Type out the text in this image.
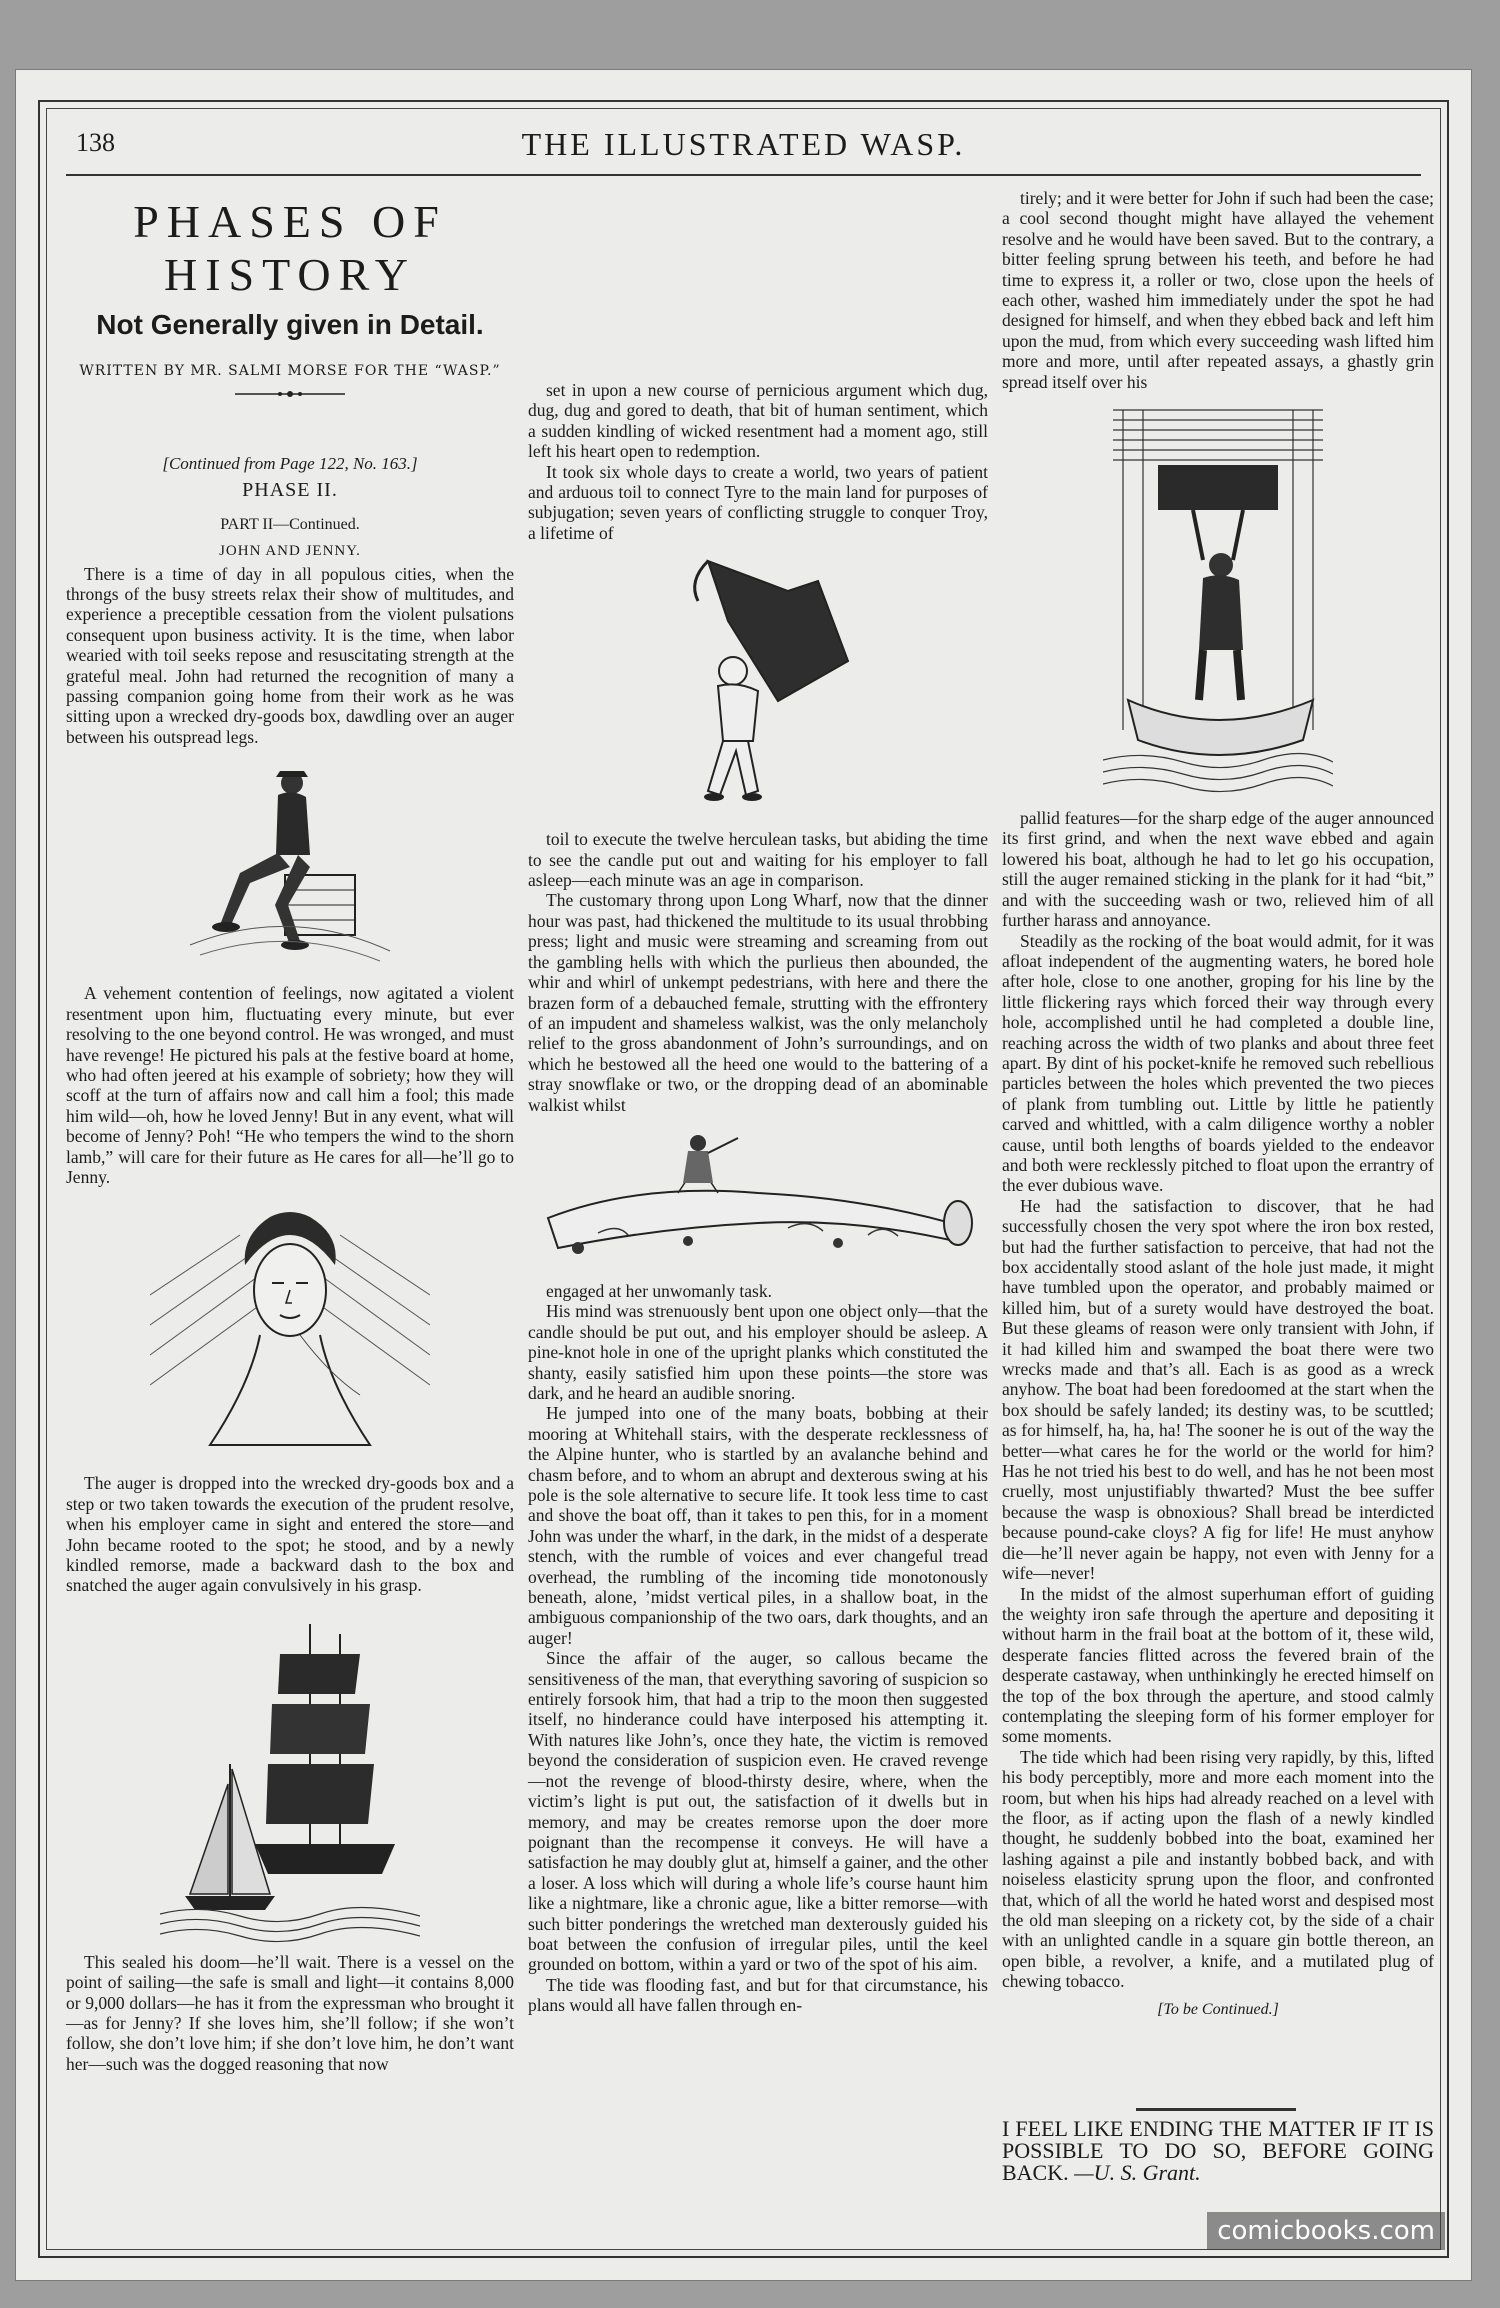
138	THE ILLUSTRATED WASP.
PHASES OF HISTORY
Not Generally given in Detail.
WRITTEN BY MR. SALMI MORSE FOR THE “WASP.”
[Continued from Page 122, No. 163.]
PHASE II.
PART II—Continued.
JOHN AND JENNY.

There is a time of day in all populous cities, when the throngs of the busy streets relax their show of multitudes, and experience a preceptible cessation from the violent pulsations consequent upon business activity. It is the time, when labor wearied with toil seeks repose and resuscitating strength at the grateful meal. John had returned the recognition of many a passing companion going home from their work as he was sitting upon a wrecked dry-goods box, dawdling over an auger between his outspread legs.

A vehement contention of feelings, now agitated a violent resentment upon him, fluctuating every minute, but ever resolving to the one beyond control. He was wronged, and must have revenge! He pictured his pals at the festive board at home, who had often jeered at his example of sobriety; how they will scoff at the turn of affairs now and call him a fool; this made him wild—oh, how he loved Jenny! But in any event, what will become of Jenny? Poh! “He who tempers the wind to the shorn lamb,” will care for their future as He cares for all—he’ll go to Jenny.

The auger is dropped into the wrecked dry-goods box and a step or two taken towards the execution of the prudent resolve, when his employer came in sight and entered the store—and John became rooted to the spot; he stood, and by a newly kindled remorse, made a backward dash to the box and snatched the auger again convulsively in his grasp.

This sealed his doom—he’ll wait. There is a vessel on the point of sailing—the safe is small and light—it contains 8,000 or 9,000 dollars—he has it from the expressman who brought it—as for Jenny? If she loves him, she’ll follow; if she won’t follow, she don’t love him; if she don’t love him, he don’t want her—such was the dogged reasoning that now

set in upon a new course of pernicious argument which dug, dug, dug and gored to death, that bit of human sentiment, which a sudden kindling of wicked resentment had a moment ago, still left his heart open to redemption.

It took six whole days to create a world, two years of patient and arduous toil to connect Tyre to the main land for purposes of subjugation; seven years of conflicting struggle to conquer Troy, a lifetime of

toil to execute the twelve herculean tasks, but abiding the time to see the candle put out and waiting for his employer to fall asleep—each minute was an age in comparison.

The customary throng upon Long Wharf, now that the dinner hour was past, had thickened the multitude to its usual throbbing press; light and music were streaming and screaming from out the gambling hells with which the purlieus then abounded, the whir and whirl of unkempt pedestrians, with here and there the brazen form of a debauched female, strutting with the effrontery of an impudent and shameless walkist, was the only melancholy relief to the gross abandonment of John’s surroundings, and on which he bestowed all the heed one would to the battering of a stray snowflake or two, or the dropping dead of an abominable walkist whilst

engaged at her unwomanly task.

His mind was strenuously bent upon one object only—that the candle should be put out, and his employer should be asleep. A pine-knot hole in one of the upright planks which constituted the shanty, easily satisfied him upon these points—the store was dark, and he heard an audible snoring.

He jumped into one of the many boats, bobbing at their mooring at Whitehall stairs, with the desperate recklessness of the Alpine hunter, who is startled by an avalanche behind and chasm before, and to whom an abrupt and dexterous swing at his pole is the sole alternative to secure life. It took less time to cast and shove the boat off, than it takes to pen this, for in a moment John was under the wharf, in the dark, in the midst of a desperate stench, with the rumble of voices and ever changeful tread overhead, the rumbling of the incoming tide monotonously beneath, alone, ’midst vertical piles, in a shallow boat, in the ambiguous companionship of the two oars, dark thoughts, and an auger!

Since the affair of the auger, so callous became the sensitiveness of the man, that everything savoring of suspicion so entirely forsook him, that had a trip to the moon then suggested itself, no hinderance could have interposed his attempting it. With natures like John’s, once they hate, the victim is removed beyond the consideration of suspicion even. He craved revenge—not the revenge of blood-thirsty desire, where, when the victim’s light is put out, the satisfaction of it dwells but in memory, and may be creates remorse upon the doer more poignant than the recompense it conveys. He will have a satisfaction he may doubly glut at, himself a gainer, and the other a loser. A loss which will during a whole life’s course haunt him like a nightmare, like a chronic ague, like a bitter remorse—with such bitter ponderings the wretched man dexterously guided his boat between the confusion of irregular piles, until the keel grounded on bottom, within a yard or two of the spot of his aim.

The tide was flooding fast, and but for that circumstance, his plans would all have fallen through en-

tirely; and it were better for John if such had been the case; a cool second thought might have allayed the vehement resolve and he would have been saved. But to the contrary, a bitter feeling sprung between his teeth, and before he had time to express it, a roller or two, close upon the heels of each other, washed him immediately under the spot he had designed for himself, and when they ebbed back and left him upon the mud, from which every succeeding wash lifted him more and more, until after repeated assays, a ghastly grin spread itself over his

pallid features—for the sharp edge of the auger announced its first grind, and when the next wave ebbed and again lowered his boat, although he had to let go his occupation, still the auger remained sticking in the plank for it had “bit,” and with the succeeding wash or two, relieved him of all further harass and annoyance.

Steadily as the rocking of the boat would admit, for it was afloat independent of the augmenting waters, he bored hole after hole, close to one another, groping for his line by the little flickering rays which forced their way through every hole, accomplished until he had completed a double line, reaching across the width of two planks and about three feet apart. By dint of his pocket-knife he removed such rebellious particles between the holes which prevented the two pieces of plank from tumbling out. Little by little he patiently carved and whittled, with a calm diligence worthy a nobler cause, until both lengths of boards yielded to the endeavor and both were recklessly pitched to float upon the errantry of the ever dubious wave.

He had the satisfaction to discover, that he had successfully chosen the very spot where the iron box rested, but had the further satisfaction to perceive, that had not the box accidentally stood aslant of the hole just made, it might have tumbled upon the operator, and probably maimed or killed him, but of a surety would have destroyed the boat. But these gleams of reason were only transient with John, if it had killed him and swamped the boat there were two wrecks made and that’s all. Each is as good as a wreck anyhow. The boat had been foredoomed at the start when the box should be safely landed; its destiny was, to be scuttled; as for himself, ha, ha, ha! The sooner he is out of the way the better—what cares he for the world or the world for him? Has he not tried his best to do well, and has he not been most cruelly, most unjustifiably thwarted? Must the bee suffer because the wasp is obnoxious? Shall bread be interdicted because pound-cake cloys? A fig for life! He must anyhow die—he’ll never again be happy, not even with Jenny for a wife—never!

In the midst of the almost superhuman effort of guiding the weighty iron safe through the aperture and depositing it without harm in the frail boat at the bottom of it, these wild, desperate fancies flitted across the fevered brain of the desperate castaway, when unthinkingly he erected himself on the top of the box through the aperture, and stood calmly contemplating the sleeping form of his former employer for some moments.

The tide which had been rising very rapidly, by this, lifted his body perceptibly, more and more each moment into the room, but when his hips had already reached on a level with the floor, as if acting upon the flash of a newly kindled thought, he suddenly bobbed into the boat, examined her lashing against a pile and instantly bobbed back, and with noiseless elasticity sprung upon the floor, and confronted that, which of all the world he hated worst and despised most the old man sleeping on a rickety cot, by the side of a chair with an unlighted candle in a square gin bottle thereon, an open bible, a revolver, a knife, and a mutilated plug of chewing tobacco.

[To be Continued.]
I FEEL LIKE ENDING THE MATTER IF IT IS POSSIBLE TO DO SO, BEFORE GOING BACK. —U. S. Grant.
comicbooks.com
